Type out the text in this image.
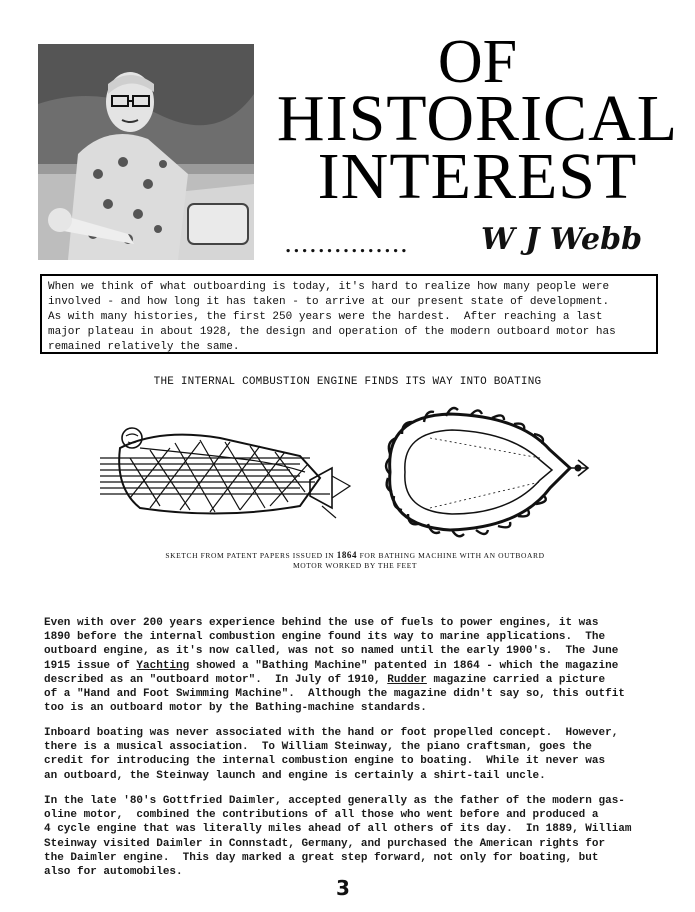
OF
HISTORICAL
INTEREST
............... W J Webb
When we think of what outboarding is today, it's hard to realize how many people were
involved - and how long it has taken - to arrive at our present state of development.
As with many histories, the first 250 years were the hardest.  After reaching a last
major plateau in about 1928, the design and operation of the modern outboard motor has
remained relatively the same.
THE INTERNAL COMBUSTION ENGINE FINDS ITS WAY INTO BOATING
SKETCH FROM PATENT PAPERS ISSUED IN 1864 FOR BATHING MACHINE WITH AN OUTBOARD
MOTOR WORKED BY THE FEET
Even with over 200 years experience behind the use of fuels to power engines, it was
1890 before the internal combustion engine found its way to marine applications.  The
outboard engine, as it's now called, was not so named until the early 1900's.  The June
1915 issue of Yachting showed a "Bathing Machine" patented in 1864 - which the magazine
described as an "outboard motor".  In July of 1910, Rudder magazine carried a picture
of a "Hand and Foot Swimming Machine".  Although the magazine didn't say so, this outfit
too is an outboard motor by the Bathing-machine standards.
Inboard boating was never associated with the hand or foot propelled concept.  However,
there is a musical association.  To William Steinway, the piano craftsman, goes the
credit for introducing the internal combustion engine to boating.  While it never was
an outboard, the Steinway launch and engine is certainly a shirt-tail uncle.
In the late '80's Gottfried Daimler, accepted generally as the father of the modern gas-
oline motor,  combined the contributions of all those who went before and produced a
4 cycle engine that was literally miles ahead of all others of its day.  In 1889, William
Steinway visited Daimler in Connstadt, Germany, and purchased the American rights for
the Daimler engine.  This day marked a great step forward, not only for boating, but
also for automobiles.
3
